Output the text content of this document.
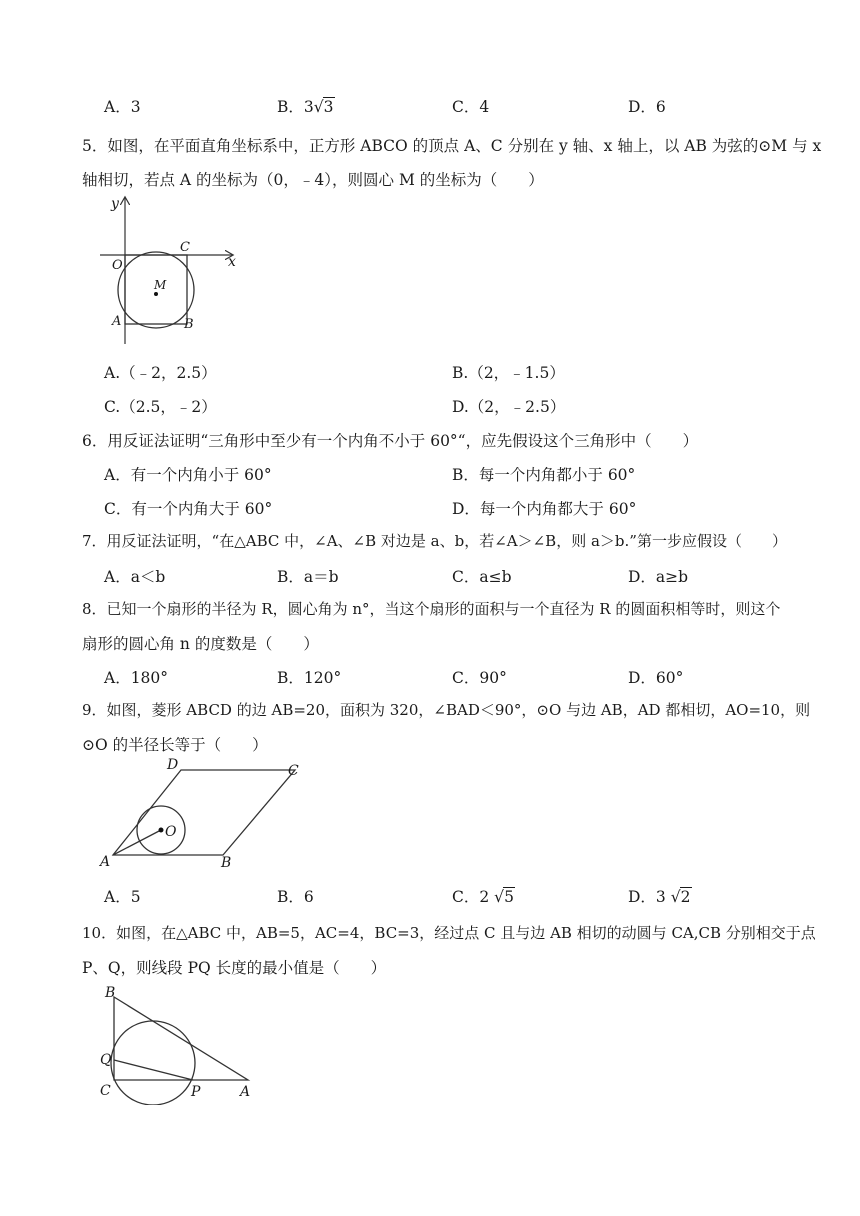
A．3	B．3√3	C．4	D．6
5．如图，在平面直角坐标系中，正方形 ABCO 的顶点 A、C 分别在 y 轴、x 轴上，以 AB 为弦的⊙M 与 x
轴相切，若点 A 的坐标为（0，﹣4），则圆心 M 的坐标为（　　）
y
x
O
C
M
A	B
A.（﹣2，2.5）	B.（2，﹣1.5）
C.（2.5，﹣2）	D.（2，﹣2.5）
6．用反证法证明“三角形中至少有一个内角不小于 60°“，应先假设这个三角形中（　　）
A．有一个内角小于 60°	B．每一个内角都小于 60°
C．有一个内角大于 60°	D．每一个内角都大于 60°
7．用反证法证明，“在△ABC 中，∠A、∠B 对边是 a、b，若∠A＞∠B，则 a＞b.”第一步应假设（　　）
A．a＜b	B．a＝b	C．a≤b	D．a≥b
8．已知一个扇形的半径为 R，圆心角为 n°，当这个扇形的面积与一个直径为 R 的圆面积相等时，则这个
扇形的圆心角 n 的度数是（　　）
A．180°	B．120°	C．90°	D．60°
9．如图，菱形 ABCD 的边 AB=20，面积为 320，∠BAD＜90°，⊙O 与边 AB，AD 都相切，AO=10，则
⊙O 的半径长等于（　　）
D	C
O
A	B
A．5	B．6	C．2 √5	D．3 √2
10．如图，在△ABC 中，AB=5，AC=4，BC=3，经过点 C 且与边 AB 相切的动圆与 CA,CB 分别相交于点
P、Q，则线段 PQ 长度的最小值是（　　）
B
Q
C	P	A
